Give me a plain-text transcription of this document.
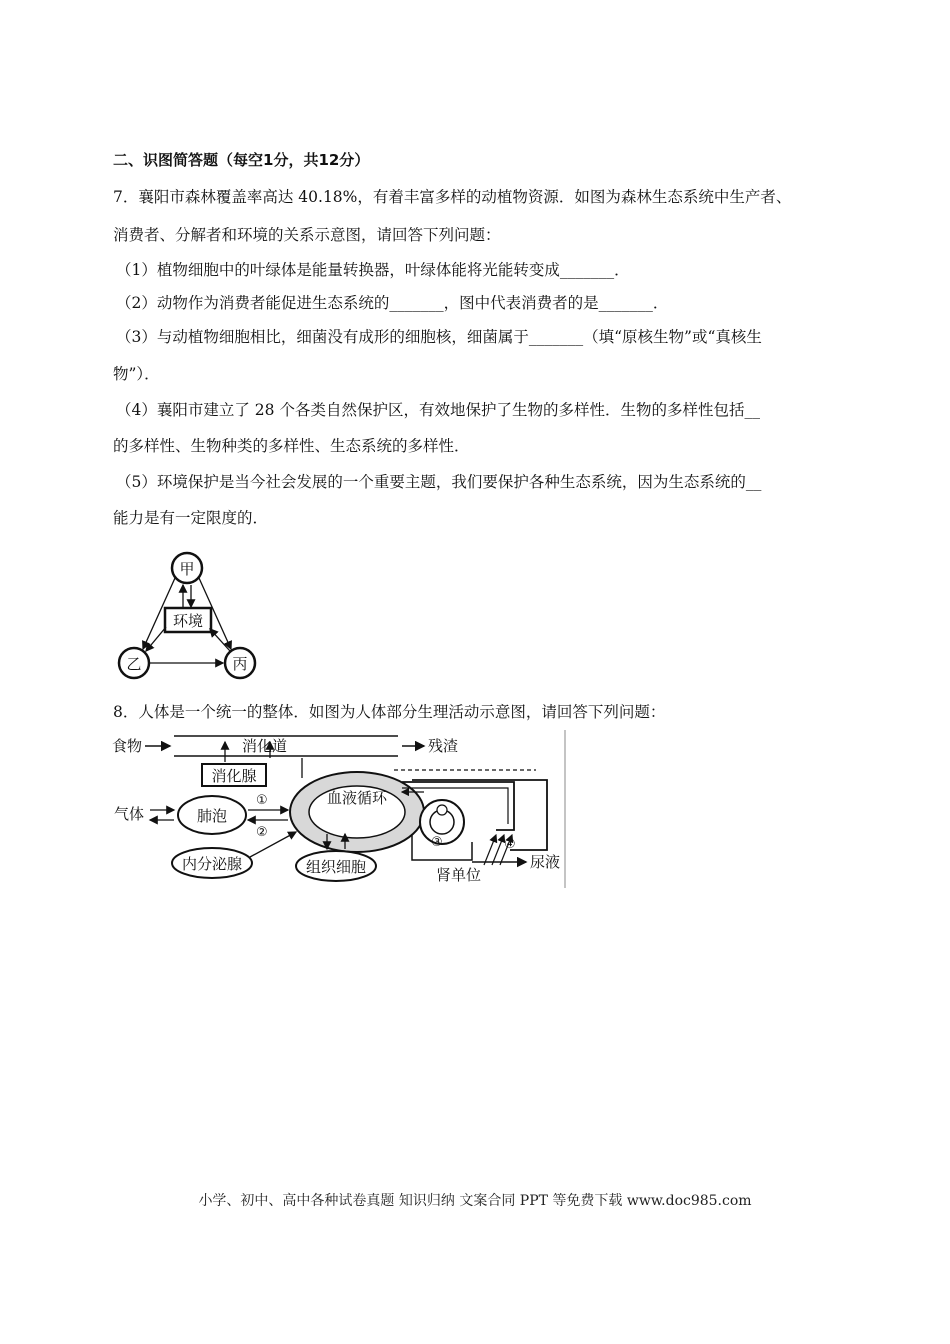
二、识图简答题（每空1分，共12分）
7．襄阳市森林覆盖率高达 40.18%，有着丰富多样的动植物资源．如图为森林生态系统中生产者、
消费者、分解者和环境的关系示意图，请回答下列问题：
（1）植物细胞中的叶绿体是能量转换器，叶绿体能将光能转变成_______．
（2）动物作为消费者能促进生态系统的_______，图中代表消费者的是_______．
（3）与动植物细胞相比，细菌没有成形的细胞核，细菌属于_______（填“原核生物”或“真核生
物”）．
（4）襄阳市建立了 28 个各类自然保护区，有效地保护了生物的多样性．生物的多样性包括__
的多样性、生物种类的多样性、生态系统的多样性．
（5）环境保护是当今社会发展的一个重要主题，我们要保护各种生态系统，因为生态系统的__
能力是有一定限度的．
甲
环境
乙	丙
8．人体是一个统一的整体．如图为人体部分生理活动示意图，请回答下列问题：
食物	消化道	残渣
消化腺
血液循环
气体	肺泡
①
②
内分泌腺	组织细胞
③	④
尿液
肾单位
小学、初中、高中各种试卷真题 知识归纳 文案合同 PPT 等免费下载 www.doc985.com
